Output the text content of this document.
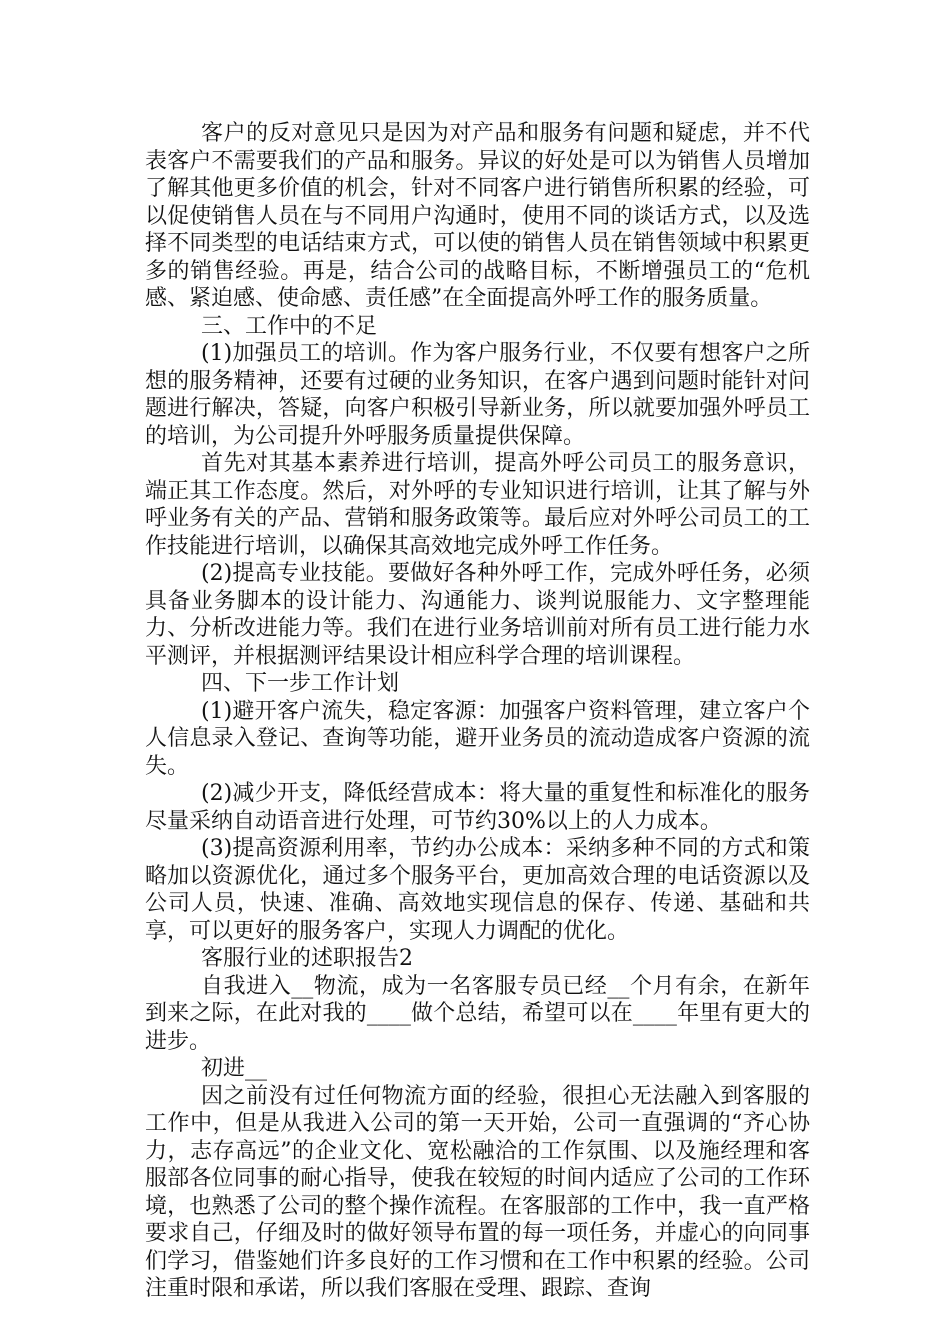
客户的反对意见只是因为对产品和服务有问题和疑虑，并不代表客户不需要我们的产品和服务。异议的好处是可以为销售人员增加了解其他更多价值的机会，针对不同客户进行销售所积累的经验，可以促使销售人员在与不同用户沟通时，使用不同的谈话方式，以及选择不同类型的电话结束方式，可以使的销售人员在销售领域中积累更多的销售经验。再是，结合公司的战略目标，不断增强员工的“危机感、紧迫感、使命感、责任感”在全面提高外呼工作的服务质量。

三、工作中的不足

(1)加强员工的培训。作为客户服务行业，不仅要有想客户之所想的服务精神，还要有过硬的业务知识，在客户遇到问题时能针对问题进行解决，答疑，向客户积极引导新业务，所以就要加强外呼员工的培训，为公司提升外呼服务质量提供保障。

首先对其基本素养进行培训，提高外呼公司员工的服务意识，端正其工作态度。然后，对外呼的专业知识进行培训，让其了解与外呼业务有关的产品、营销和服务政策等。最后应对外呼公司员工的工作技能进行培训，以确保其高效地完成外呼工作任务。

(2)提高专业技能。要做好各种外呼工作，完成外呼任务，必须具备业务脚本的设计能力、沟通能力、谈判说服能力、文字整理能力、分析改进能力等。我们在进行业务培训前对所有员工进行能力水平测评，并根据测评结果设计相应科学合理的培训课程。

四、下一步工作计划

(1)避开客户流失，稳定客源：加强客户资料管理，建立客户个人信息录入登记、查询等功能，避开业务员的流动造成客户资源的流失。

(2)减少开支，降低经营成本：将大量的重复性和标准化的服务尽量采纳自动语音进行处理，可节约30%以上的人力成本。

(3)提高资源利用率，节约办公成本：采纳多种不同的方式和策略加以资源优化，通过多个服务平台，更加高效合理的电话资源以及公司人员，快速、准确、高效地实现信息的保存、传递、基础和共享，可以更好的服务客户，实现人力调配的优化。

客服行业的述职报告2

自我进入__物流，成为一名客服专员已经__个月有余，在新年到来之际，在此对我的____做个总结，希望可以在____年里有更大的进步。

初进__

因之前没有过任何物流方面的经验，很担心无法融入到客服的工作中，但是从我进入公司的第一天开始，公司一直强调的“齐心协力，志存高远”的企业文化、宽松融洽的工作氛围、以及施经理和客服部各位同事的耐心指导，使我在较短的时间内适应了公司的工作环境，也熟悉了公司的整个操作流程。在客服部的工作中，我一直严格要求自己，仔细及时的做好领导布置的每一项任务，并虚心的向同事们学习，借鉴她们许多良好的工作习惯和在工作中积累的经验。公司注重时限和承诺，所以我们客服在受理、跟踪、查询
